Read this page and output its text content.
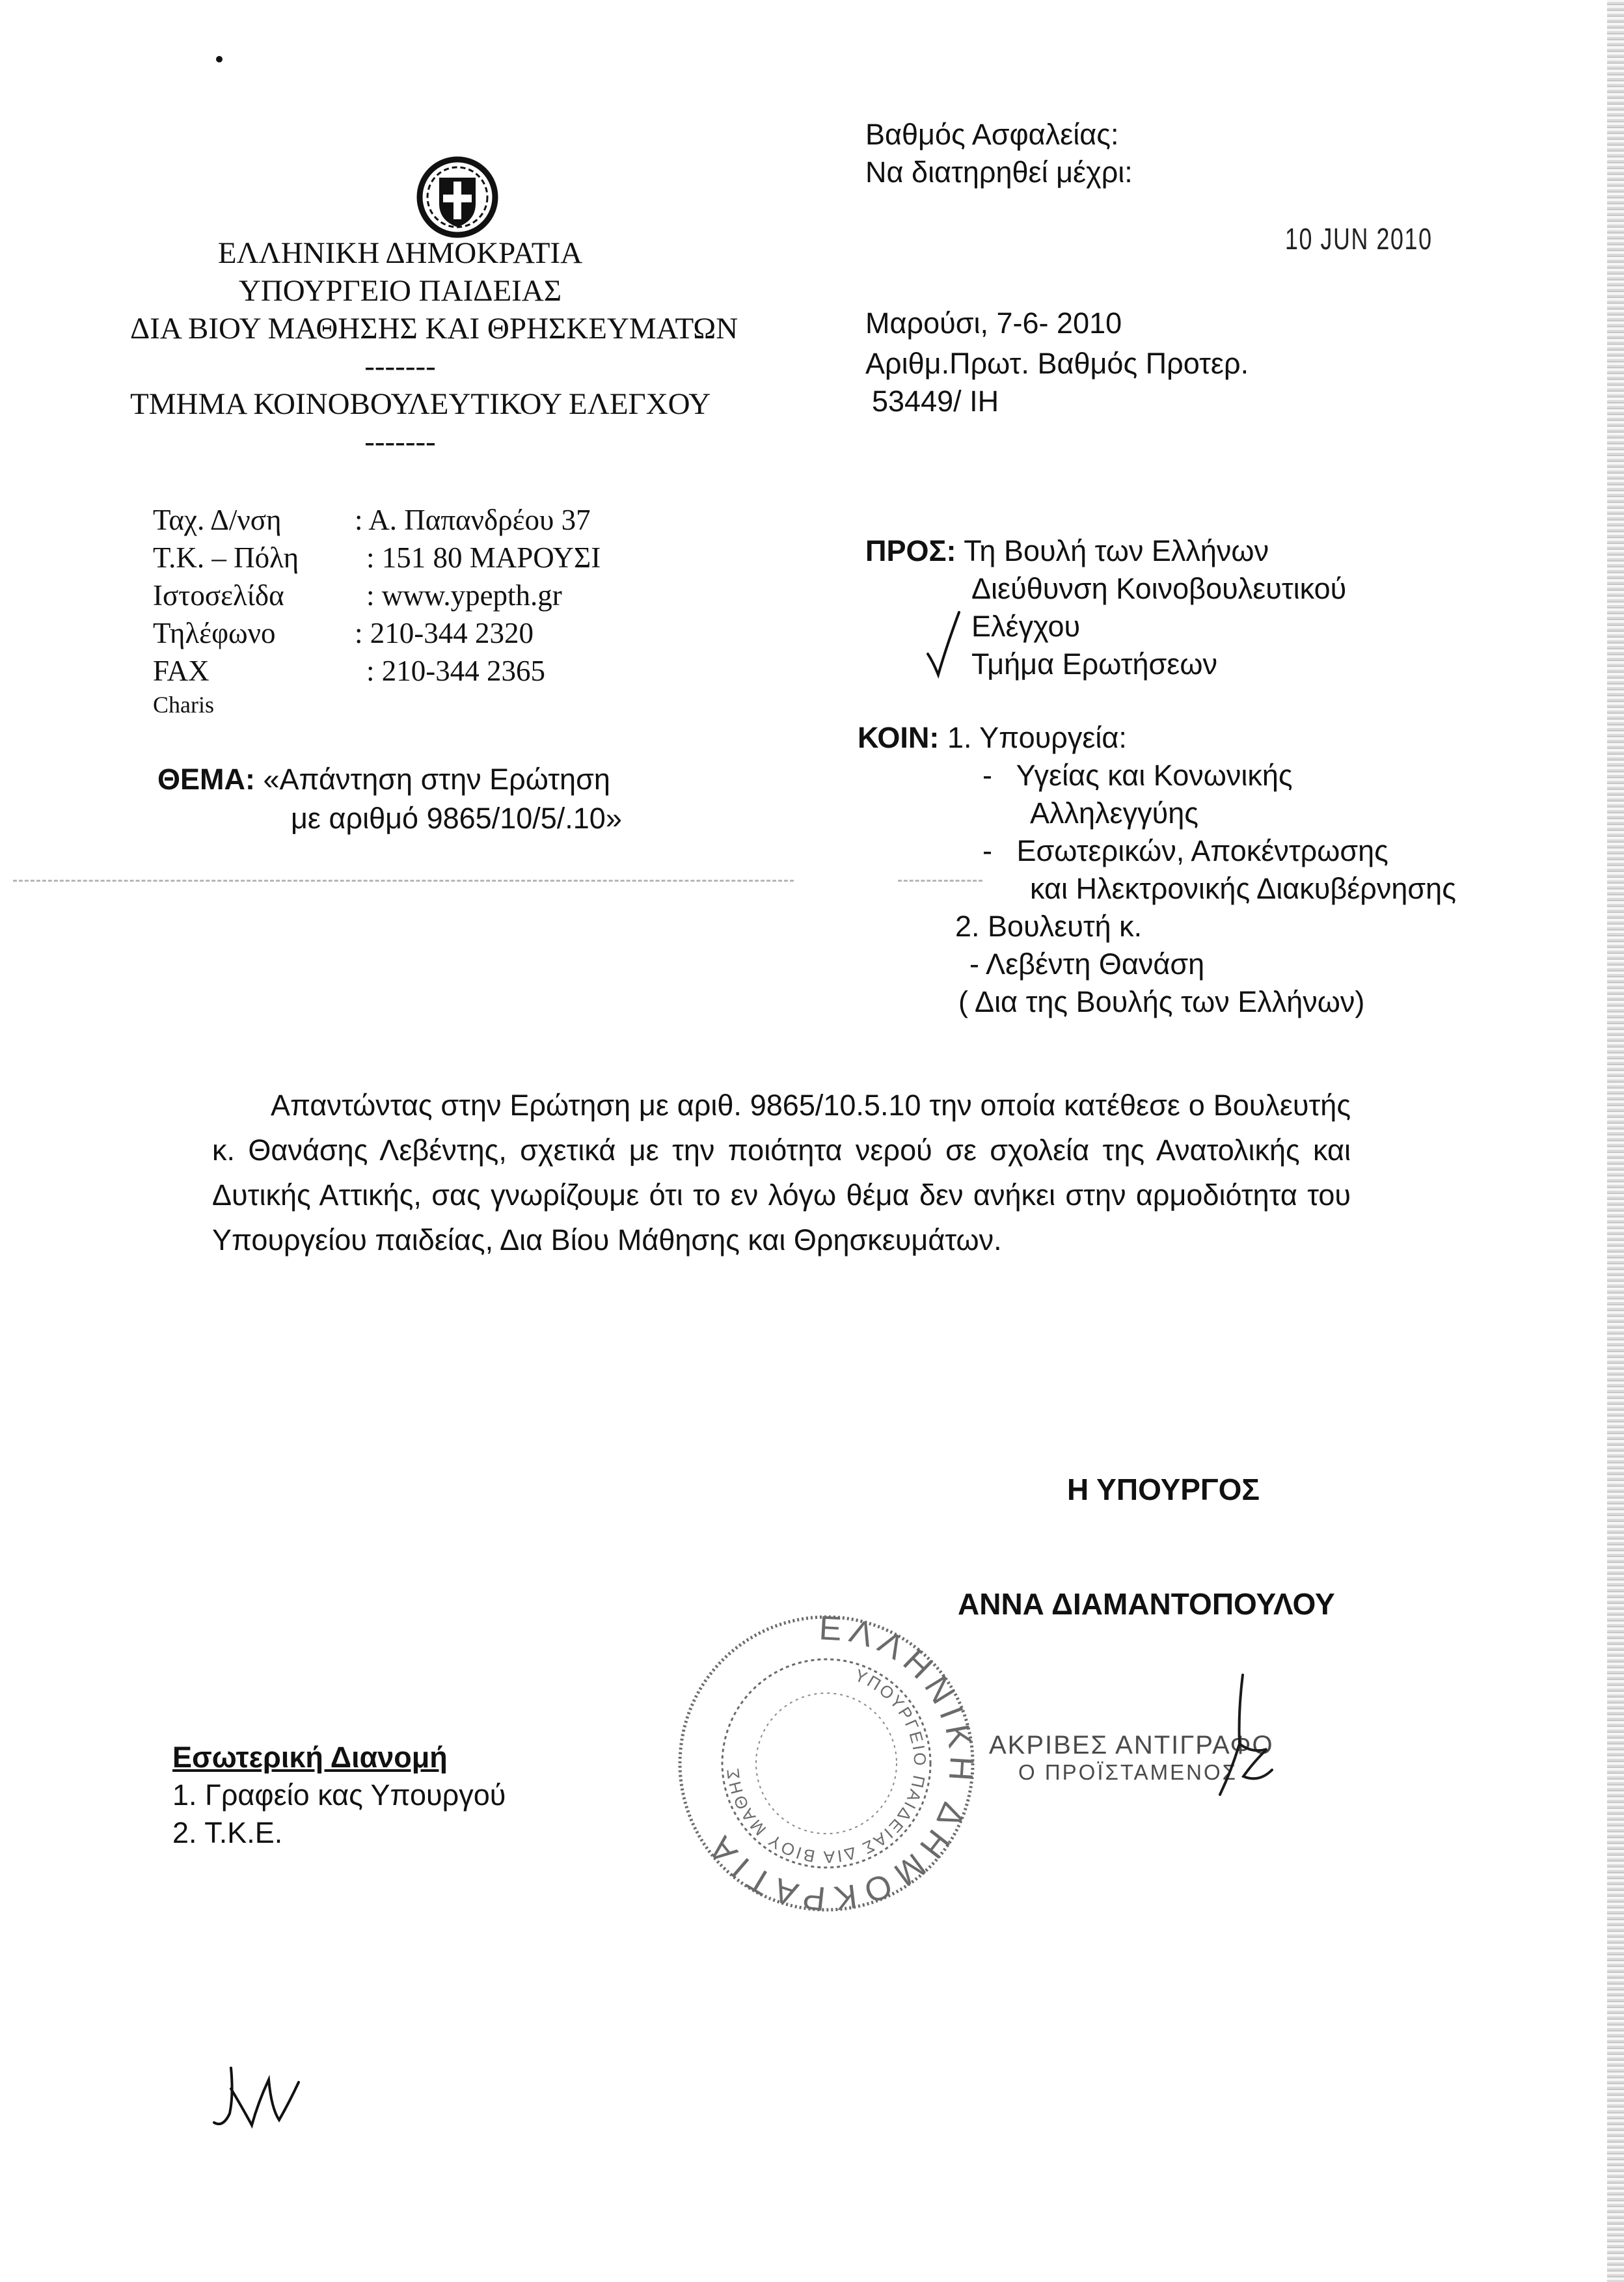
ΕΛΛΗΝΙΚΗ ΔΗΜΟΚΡΑΤΙΑ
ΥΠΟΥΡΓΕΙΟ ΠΑΙΔΕΙΑΣ
ΔΙΑ ΒΙΟΥ ΜΑΘΗΣΗΣ ΚΑΙ ΘΡΗΣΚΕΥΜΑΤΩΝ
-------
ΤΜΗΜΑ ΚΟΙΝΟΒΟΥΛΕΥΤΙΚΟΥ ΕΛΕΓΧΟΥ
-------
Ταχ. Δ/νση	: Α. Παπανδρέου 37
Τ.Κ. – Πόλη	: 151 80 ΜΑΡΟΥΣΙ
Ιστοσελίδα	: www.ypepth.gr
Τηλέφωνο	: 210-344 2320
FAX	: 210-344 2365
Charis
ΘΕΜΑ: «Απάντηση στην Ερώτηση
με αριθμό 9865/10/5/.10»
Βαθμός Ασφαλείας:
Να διατηρηθεί μέχρι:
10 JUN 2010
Μαρούσι, 7-6- 2010
Αριθμ.Πρωτ. Βαθμός Προτερ.
53449/ ΙΗ
ΠΡΟΣ: Τη Βουλή των Ελλήνων
Διεύθυνση Κοινοβουλευτικού
Ελέγχου
Τμήμα Ερωτήσεων
ΚΟΙΝ: 1. Υπουργεία:
-   Υγείας και Κονωνικής
Αλληλεγγύης
-   Εσωτερικών, Αποκέντρωσης
και Ηλεκτρονικής Διακυβέρνησης
2. Βουλευτή κ.
- Λεβέντη Θανάση
( Δια της Βουλής των Ελλήνων)
Απαντώντας στην Ερώτηση με αριθ. 9865/10.5.10 την οποία κατέθεσε ο Βουλευτής κ. Θανάσης Λεβέντης, σχετικά με την ποιότητα νερού σε σχολεία της Ανατολικής και Δυτικής Αττικής, σας γνωρίζουμε ότι το εν λόγω θέμα δεν ανήκει στην αρμοδιότητα του Υπουργείου παιδείας, Δια Βίου Μάθησης και Θρησκευμάτων.
Η ΥΠΟΥΡΓΟΣ
ΑΝΝΑ ΔΙΑΜΑΝΤΟΠΟΥΛΟΥ
ΕΛΛΗΝΙΚΗ ΔΗΜΟΚΡΑΤΙΑ
ΥΠΟΥΡΓΕΙΟ ΠΑΙΔΕΙΑΣ ΔΙΑ ΒΙΟΥ ΜΑΘΗΣ
ΑΚΡΙΒΕΣ ΑΝΤΙΓΡΑΦΟ
Ο ΠΡΟΪΣΤΑΜΕΝΟΣ
Εσωτερική Διανομή
1. Γραφείο κας Υπουργού
2. Τ.Κ.Ε.
